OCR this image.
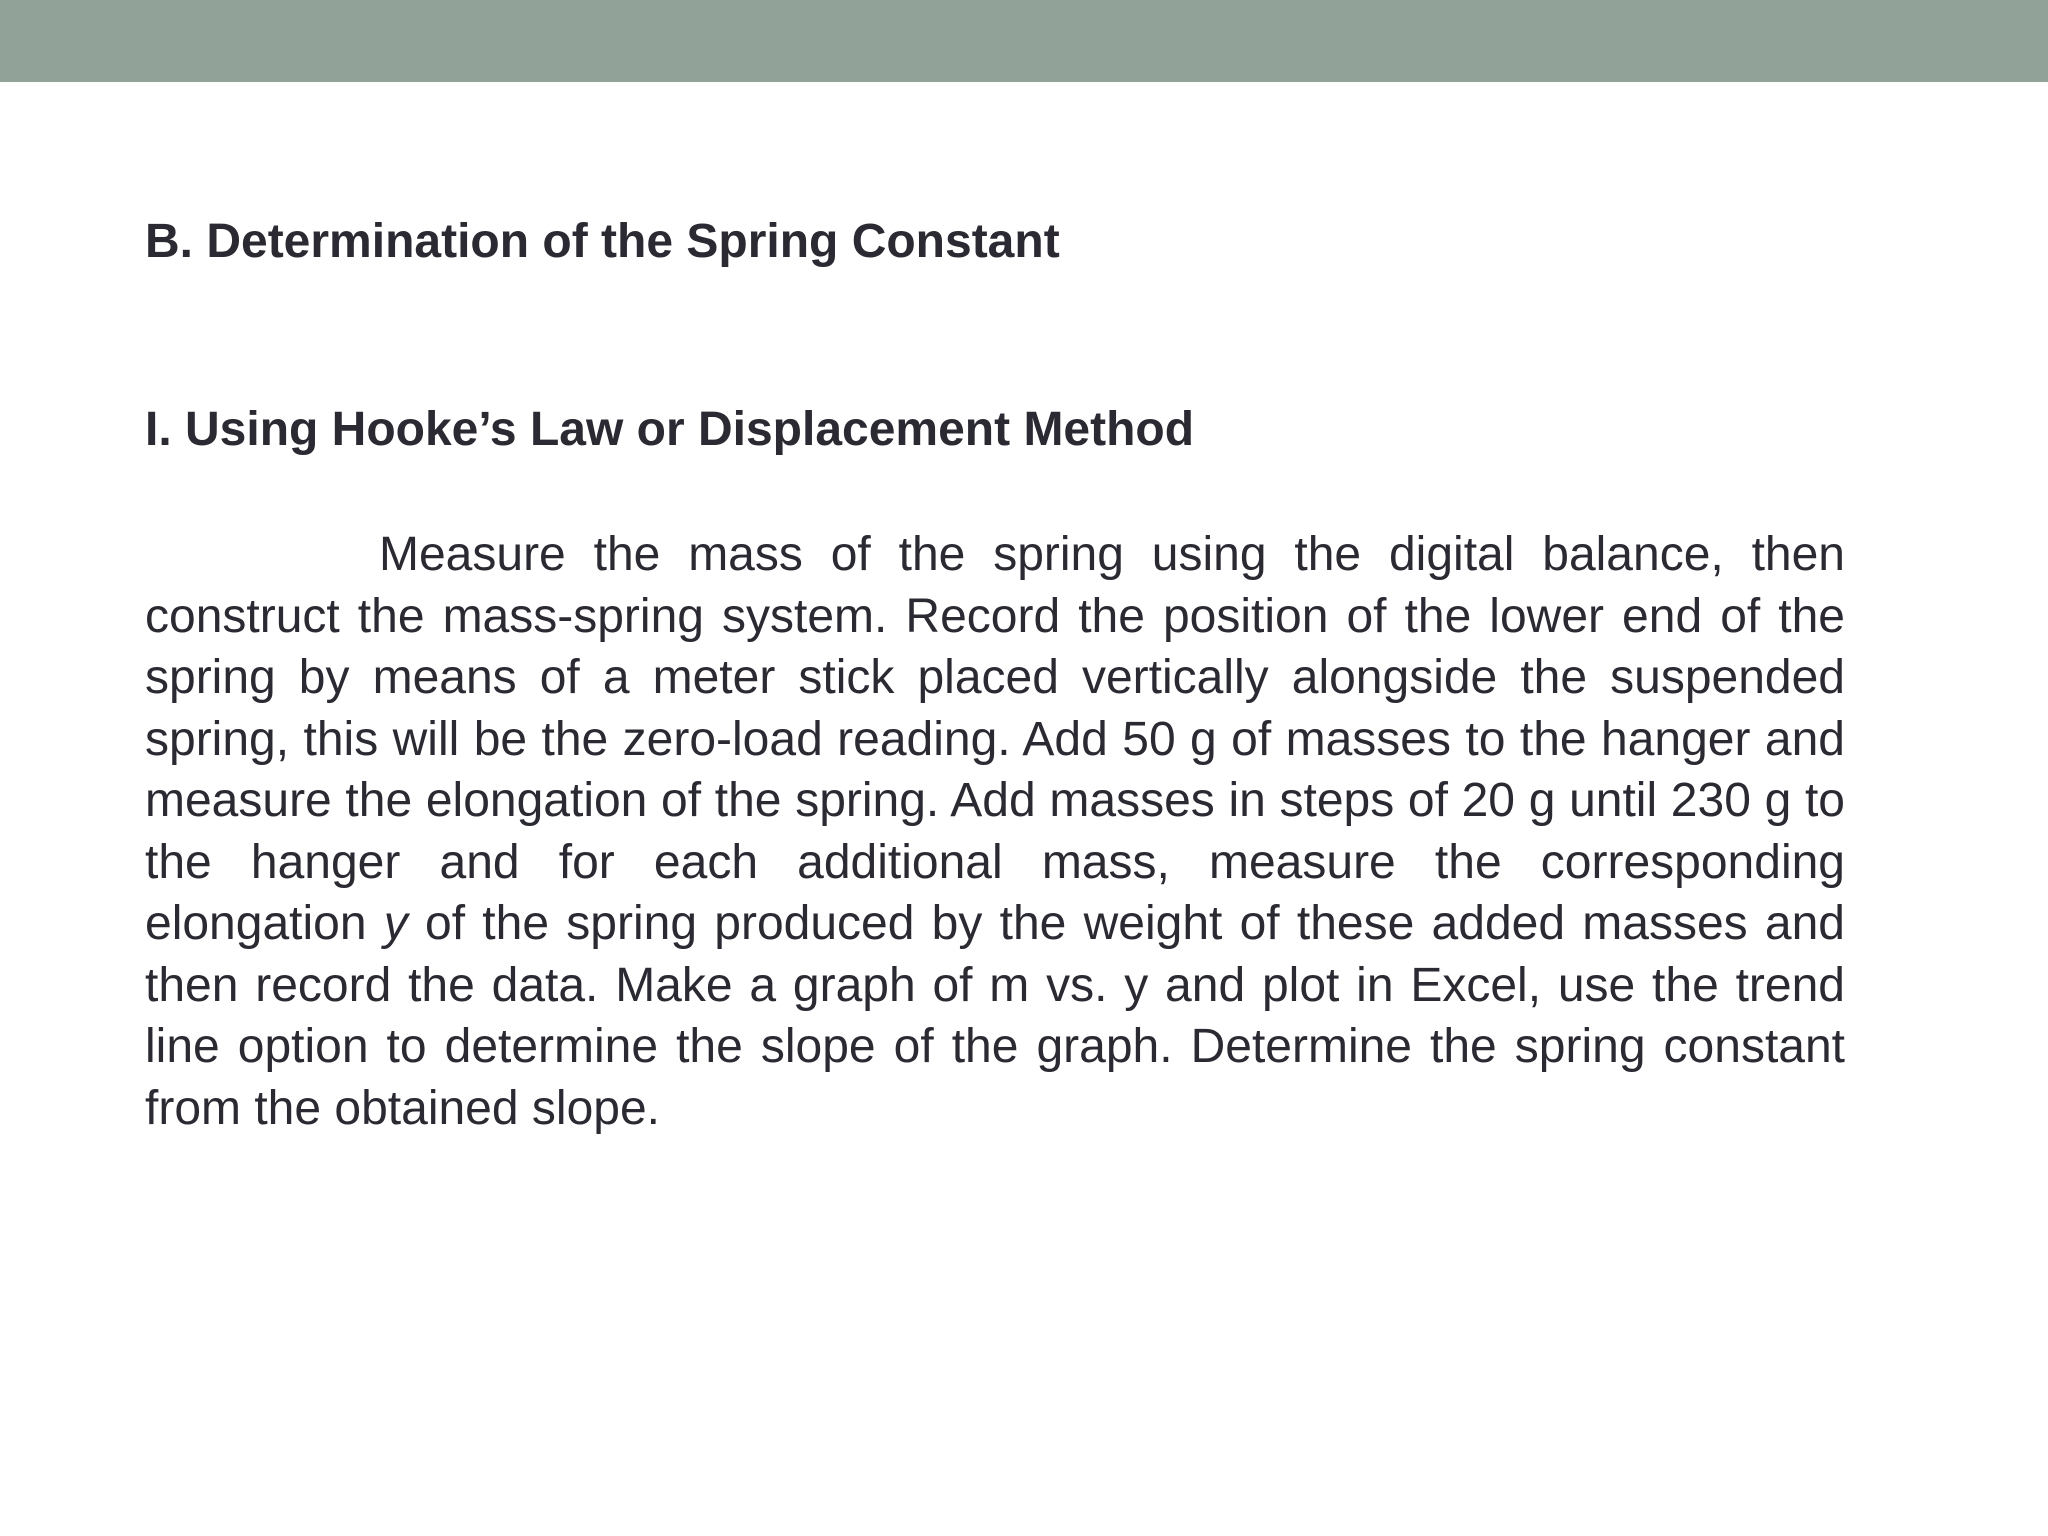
B. Determination of the Spring Constant
I. Using Hooke’s Law or Displacement Method

Measure the mass of the spring using the digital balance, then construct the mass-spring system. Record the position of the lower end of the spring by means of a meter stick placed vertically alongside the suspended spring, this will be the zero-load reading. Add 50 g of masses to the hanger and measure the elongation of the spring. Add masses in steps of 20 g until 230 g to the hanger and for each additional mass, measure the corresponding elongation y of the spring produced by the weight of these added masses and then record the data. Make a graph of m vs. y and plot in Excel, use the trend line option to determine the slope of the graph. Determine the spring constant from the obtained slope.
